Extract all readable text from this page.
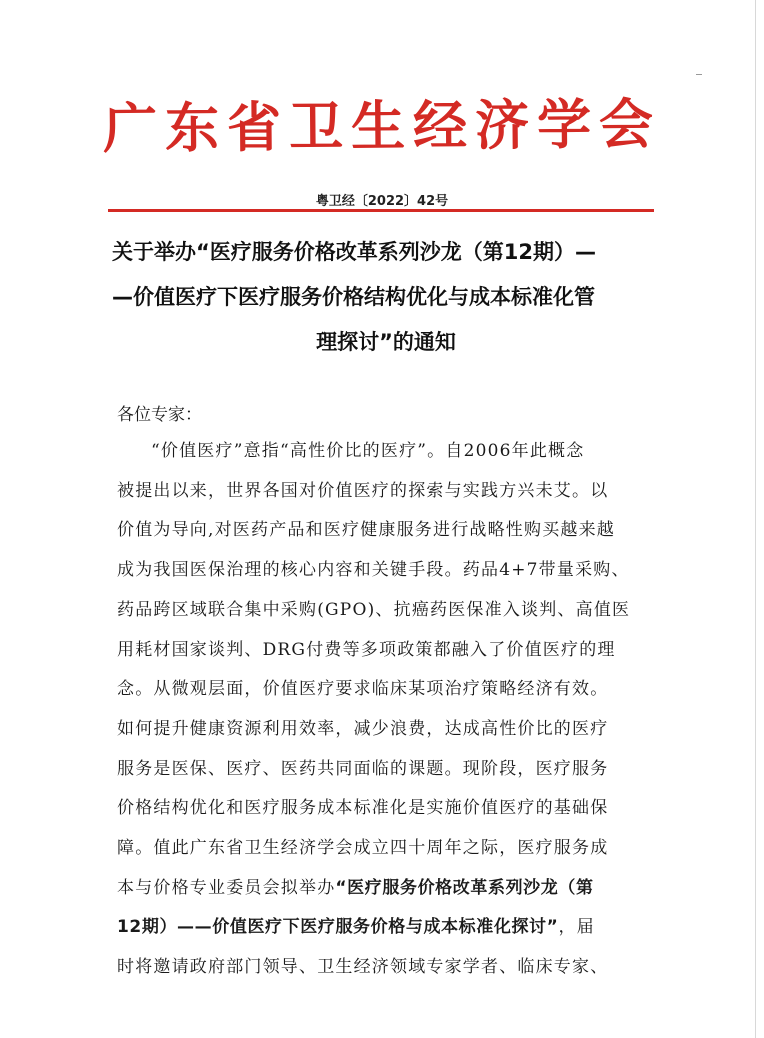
广东省卫生经济学会
粤卫经〔2022〕42号
关于举办“医疗服务价格改革系列沙龙（第12期）—
—价值医疗下医疗服务价格结构优化与成本标准化管
理探讨”的通知
各位专家：
“价值医疗”意指“高性价比的医疗”。自2006年此概念
被提出以来，世界各国对价值医疗的探索与实践方兴未艾。以
价值为导向,对医药产品和医疗健康服务进行战略性购买越来越
成为我国医保治理的核心内容和关键手段。药品4+7带量采购、
药品跨区域联合集中采购(GPO)、抗癌药医保准入谈判、高值医
用耗材国家谈判、DRG付费等多项政策都融入了价值医疗的理
念。从微观层面，价值医疗要求临床某项治疗策略经济有效。
如何提升健康资源利用效率，减少浪费，达成高性价比的医疗
服务是医保、医疗、医药共同面临的课题。现阶段，医疗服务
价格结构优化和医疗服务成本标准化是实施价值医疗的基础保
障。值此广东省卫生经济学会成立四十周年之际，医疗服务成
本与价格专业委员会拟举办“医疗服务价格改革系列沙龙（第
12期）——价值医疗下医疗服务价格与成本标准化探讨”，届
时将邀请政府部门领导、卫生经济领域专家学者、临床专家、
